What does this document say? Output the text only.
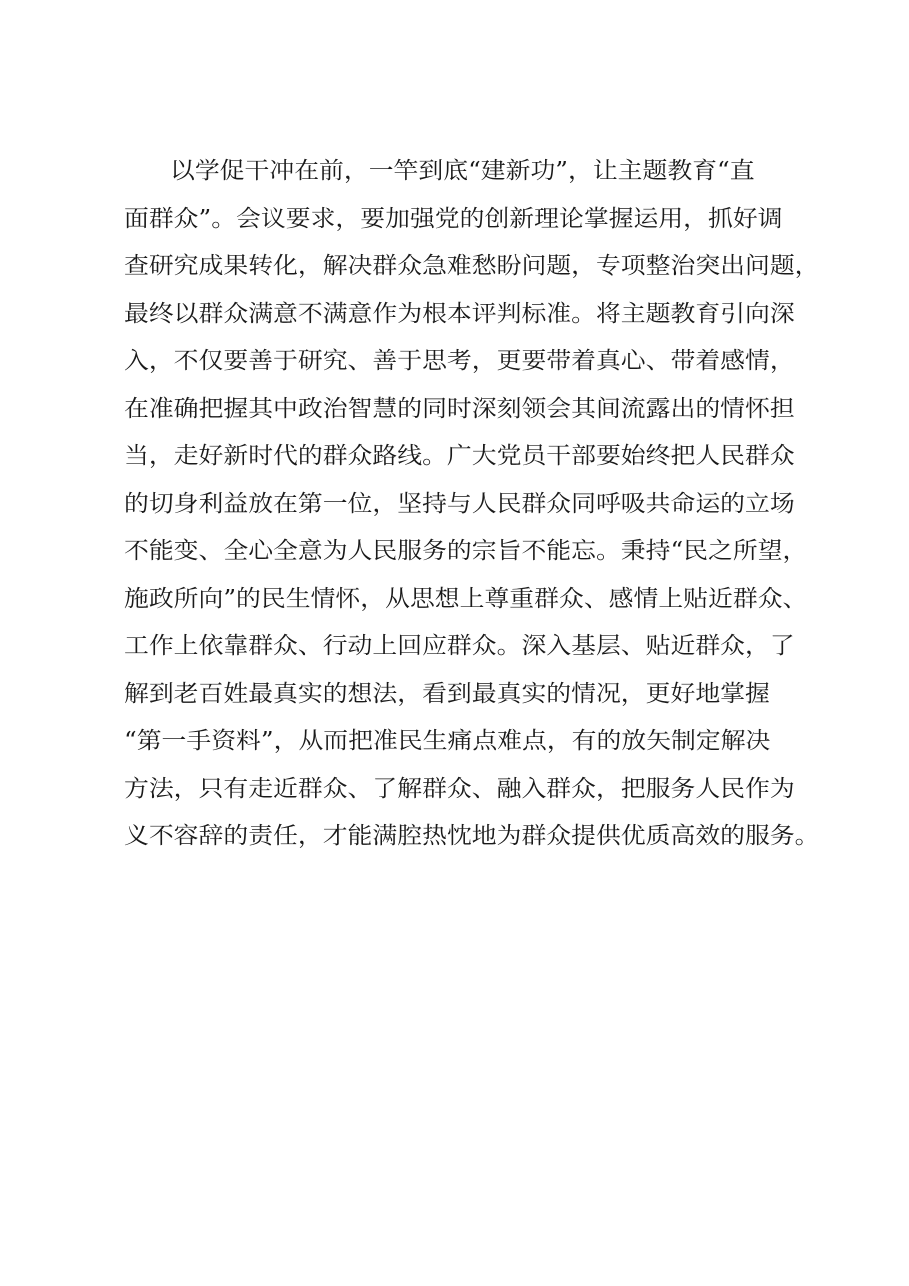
以学促干冲在前，一竿到底“建新功”，让主题教育“直
面群众”。会议要求，要加强党的创新理论掌握运用，抓好调
查研究成果转化，解决群众急难愁盼问题，专项整治突出问题，
最终以群众满意不满意作为根本评判标准。将主题教育引向深
入，不仅要善于研究、善于思考，更要带着真心、带着感情，
在准确把握其中政治智慧的同时深刻领会其间流露出的情怀担
当，走好新时代的群众路线。广大党员干部要始终把人民群众
的切身利益放在第一位，坚持与人民群众同呼吸共命运的立场
不能变、全心全意为人民服务的宗旨不能忘。秉持“民之所望，
施政所向”的民生情怀，从思想上尊重群众、感情上贴近群众、
工作上依靠群众、行动上回应群众。深入基层、贴近群众，了
解到老百姓最真实的想法，看到最真实的情况，更好地掌握
“第一手资料”，从而把准民生痛点难点，有的放矢制定解决
方法，只有走近群众、了解群众、融入群众，把服务人民作为
义不容辞的责任，才能满腔热忱地为群众提供优质高效的服务。
